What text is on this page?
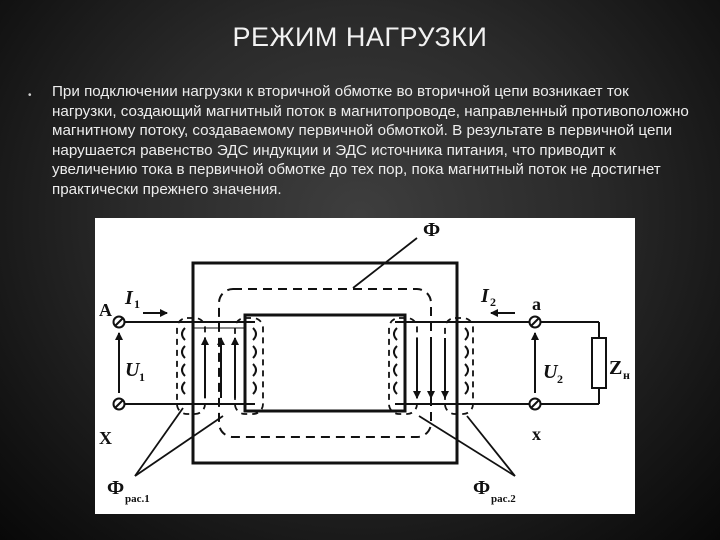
РЕЖИМ НАГРУЗКИ
• При подключении нагрузки к вторичной обмотке во вторичной цепи возникает ток нагрузки, создающий магнитный поток в магнитопроводе, направленный противоположно магнитному потоку, создаваемому первичной обмоткой. В результате в первичной цепи нарушается равенство ЭДС индукции и ЭДС источника питания, что приводит к увеличению тока в первичной обмотке до тех пор, пока магнитный поток не достигнет практически прежнего значения.
Ф
A
X
I 1
U 1
a
x
I 2
U 2 Z н
Ф рас.1	Ф рас.2
